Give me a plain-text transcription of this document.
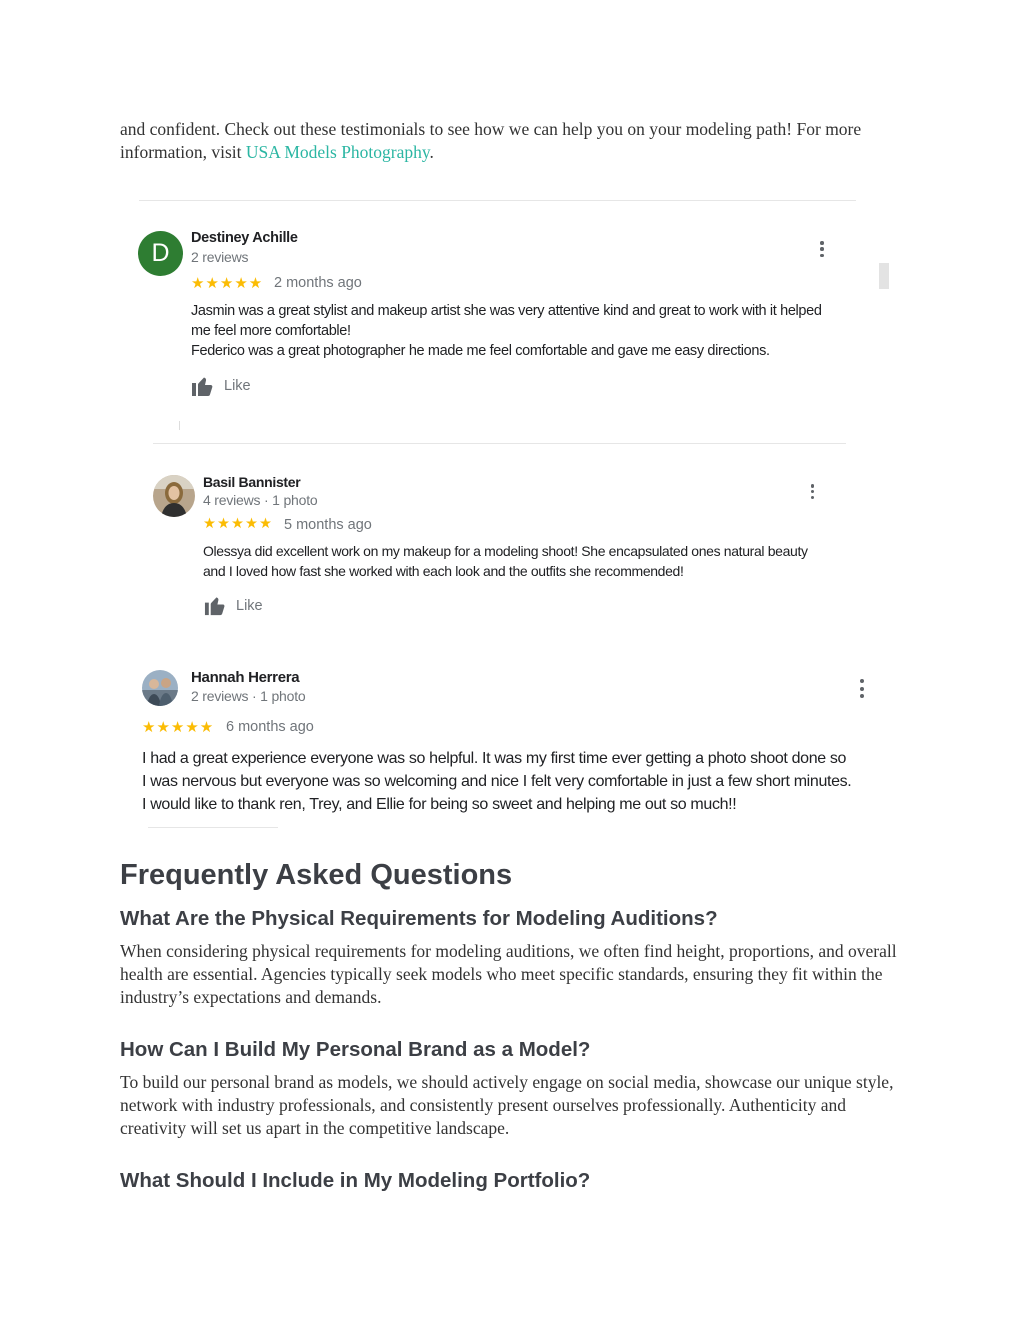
and confident. Check out these testimonials to see how we can help you on your modeling path! For more information, visit USA Models Photography.

D
Destiney Achille
2 reviews
★★★★★ 2 months ago
Jasmin was a great stylist and makeup artist she was very attentive kind and great to work with it helped
me feel more comfortable!
Federico was a great photographer he made me feel comfortable and gave me easy directions.
Like
Basil Bannister
4 reviews · 1 photo
★★★★★ 5 months ago
Olessya did excellent work on my makeup for a modeling shoot! She encapsulated ones natural beauty
and I loved how fast she worked with each look and the outfits she recommended!
Like
Hannah Herrera
2 reviews · 1 photo
★★★★★ 6 months ago
I had a great experience everyone was so helpful. It was my first time ever getting a photo shoot done so
I was nervous but everyone was so welcoming and nice I felt very comfortable in just a few short minutes.
I would like to thank ren, Trey, and Ellie for being so sweet and helping me out so much!!
Frequently Asked Questions
What Are the Physical Requirements for Modeling Auditions?

When considering physical requirements for modeling auditions, we often find height, proportions, and overall health are essential. Agencies typically seek models who meet specific standards, ensuring they fit within the industry’s expectations and demands.

How Can I Build My Personal Brand as a Model?

To build our personal brand as models, we should actively engage on social media, showcase our unique style, network with industry professionals, and consistently present ourselves professionally. Authenticity and creativity will set us apart in the competitive landscape.

What Should I Include in My Modeling Portfolio?
